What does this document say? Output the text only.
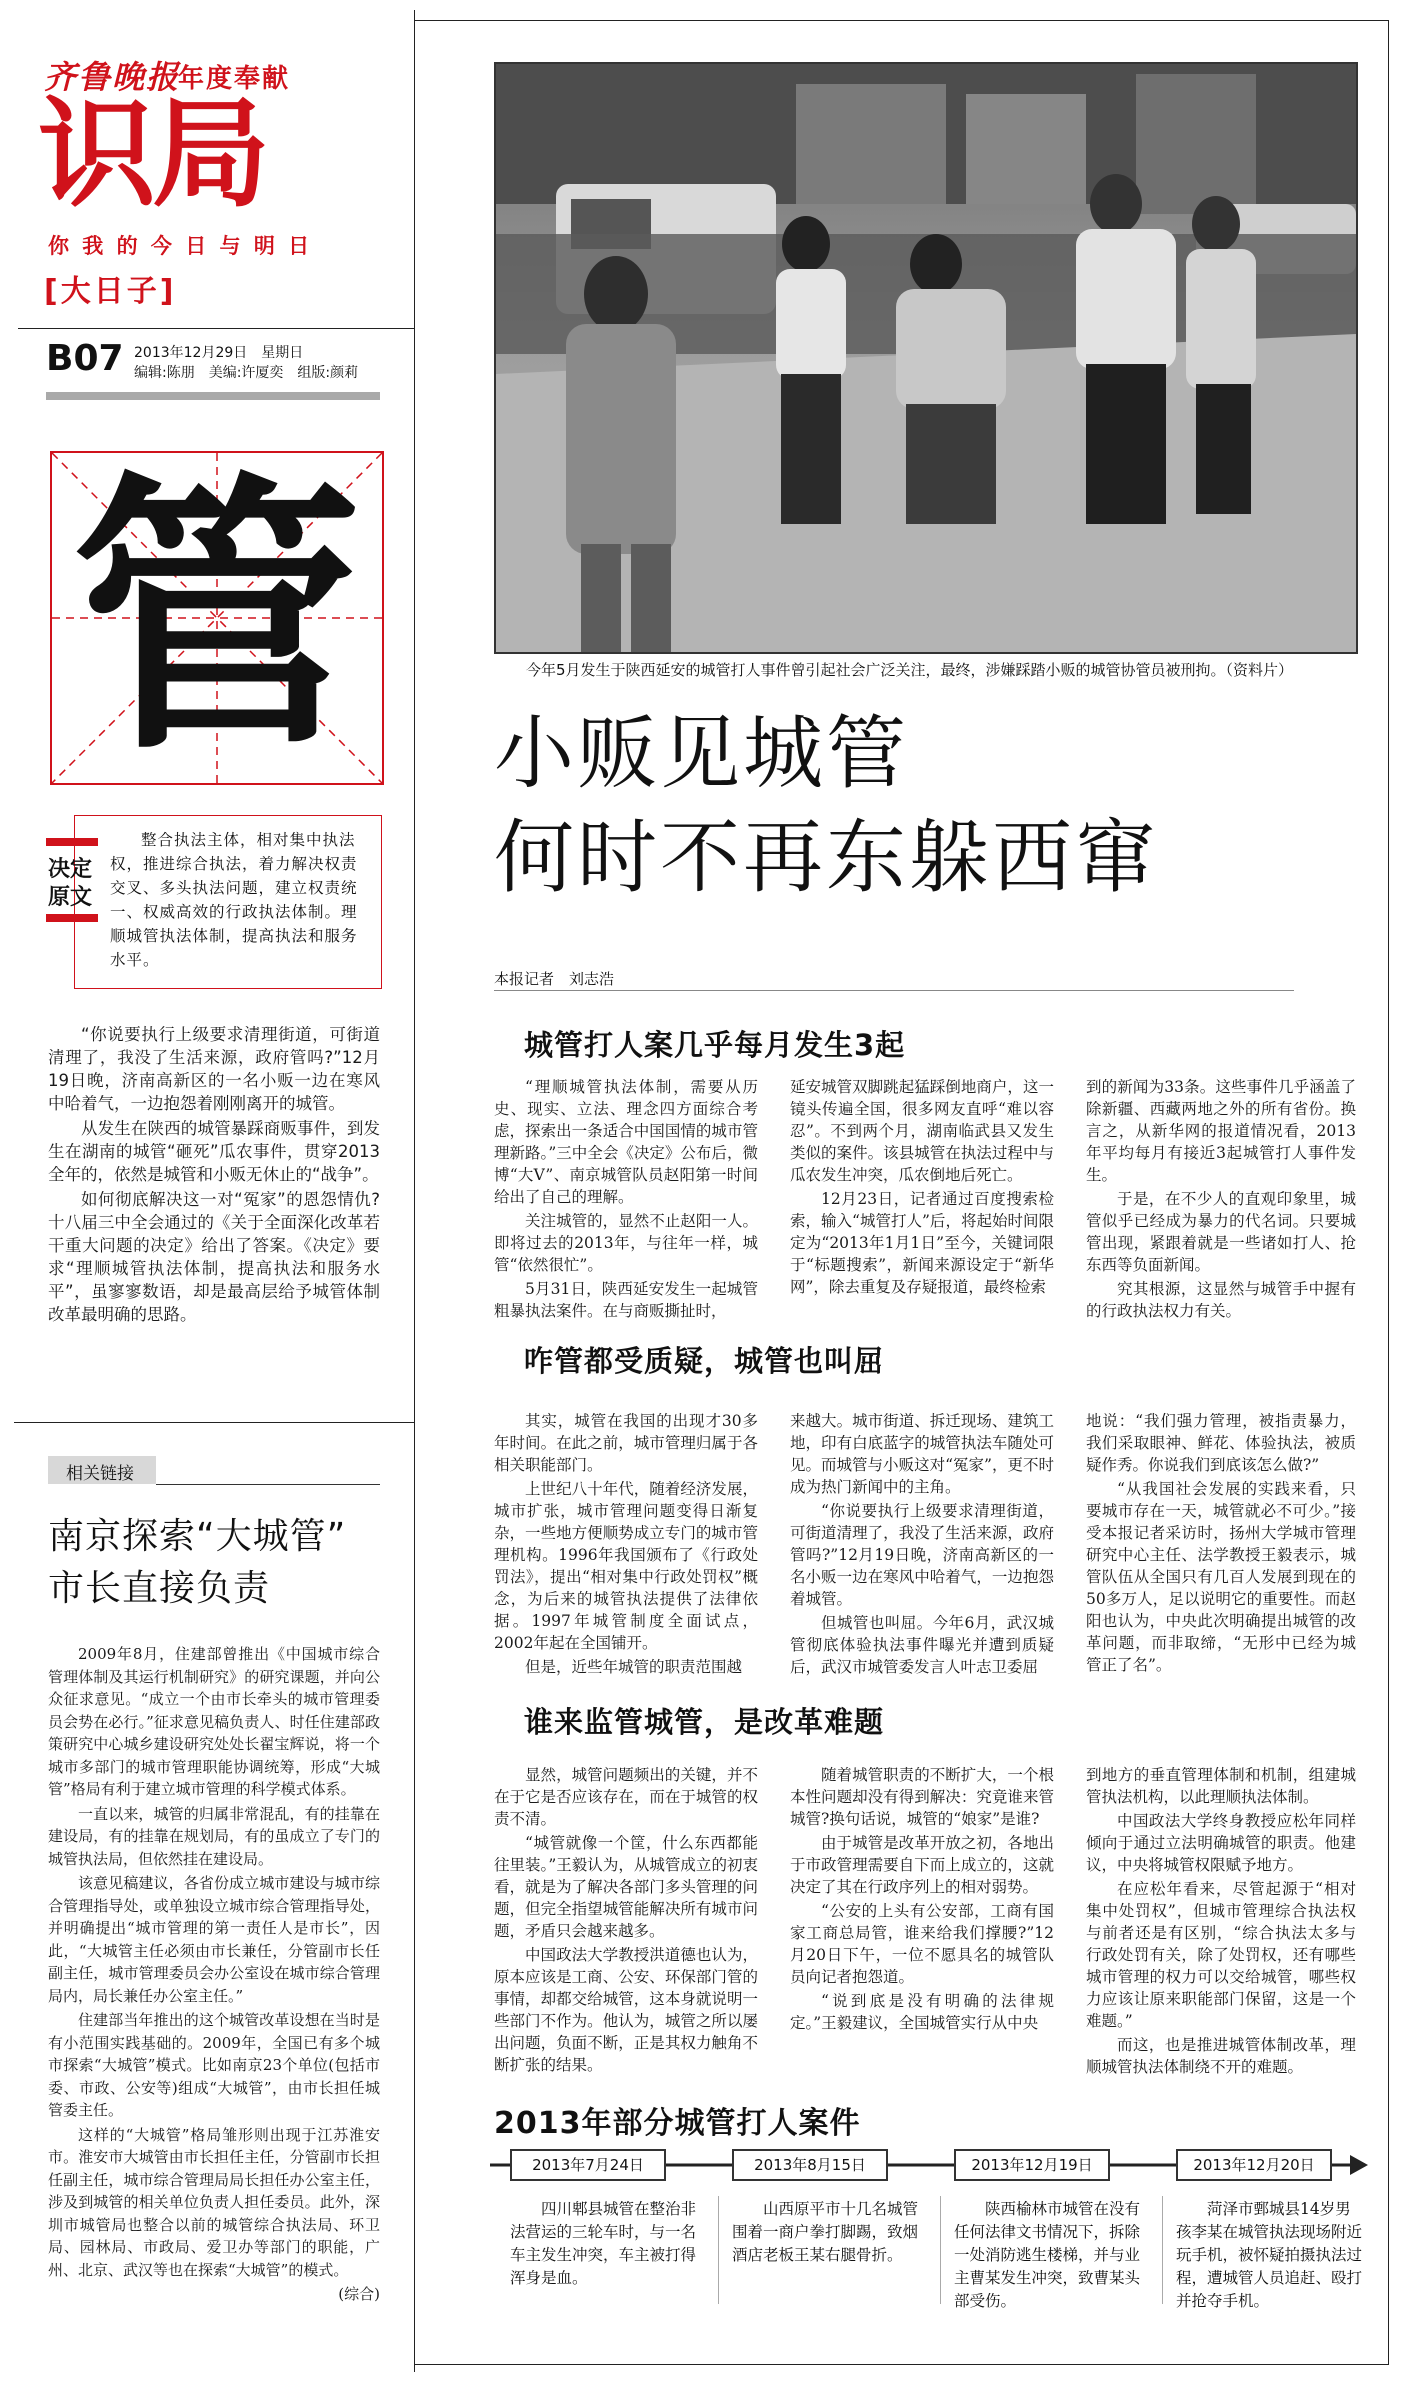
齐鲁晚报
年度奉献
识局
你 我 的 今 日 与 明 日
[大日子]
B07 2013年12月29日　星期日
编辑:陈朋　美编:许厦奕　组版:颜莉
管
决定
原文

整合执法主体，相对集中执法权，推进综合执法，着力解决权责交叉、多头执法问题，建立权责统一、权威高效的行政执法体制。理顺城管执法体制，提高执法和服务水平。

“你说要执行上级要求清理街道，可街道清理了，我没了生活来源，政府管吗?”12月19日晚，济南高新区的一名小贩一边在寒风中哈着气，一边抱怨着刚刚离开的城管。

从发生在陕西的城管暴踩商贩事件，到发生在湖南的城管“砸死”瓜农事件，贯穿2013全年的，依然是城管和小贩无休止的“战争”。

如何彻底解决这一对“冤家”的恩怨情仇?十八届三中全会通过的《关于全面深化改革若干重大问题的决定》给出了答案。《决定》要求“理顺城管执法体制，提高执法和服务水平”，虽寥寥数语，却是最高层给予城管体制改革最明确的思路。

相关链接
南京探索“大城管”
市长直接负责

2009年8月，住建部曾推出《中国城市综合管理体制及其运行机制研究》的研究课题，并向公众征求意见。“成立一个由市长牵头的城市管理委员会势在必行。”征求意见稿负责人、时任住建部政策研究中心城乡建设研究处处长翟宝辉说，将一个城市多部门的城市管理职能协调统筹，形成“大城管”格局有利于建立城市管理的科学模式体系。

一直以来，城管的归属非常混乱，有的挂靠在建设局，有的挂靠在规划局，有的虽成立了专门的城管执法局，但依然挂在建设局。

该意见稿建议，各省份成立城市建设与城市综合管理指导处，或单独设立城市综合管理指导处，并明确提出“城市管理的第一责任人是市长”，因此，“大城管主任必须由市长兼任，分管副市长任副主任，城市管理委员会办公室设在城市综合管理局内，局长兼任办公室主任。”

住建部当年推出的这个城管改革设想在当时是有小范围实践基础的。2009年，全国已有多个城市探索“大城管”模式。比如南京23个单位(包括市委、市政、公安等)组成“大城管”，由市长担任城管委主任。

这样的“大城管”格局雏形则出现于江苏淮安市。淮安市大城管由市长担任主任，分管副市长担任副主任，城市综合管理局局长担任办公室主任，涉及到城管的相关单位负责人担任委员。此外，深圳市城管局也整合以前的城管综合执法局、环卫局、园林局、市政局、爱卫办等部门的职能，广州、北京、武汉等也在探索“大城管”的模式。

(综合)
今年5月发生于陕西延安的城管打人事件曾引起社会广泛关注，最终，涉嫌踩踏小贩的城管协管员被刑拘。（资料片）
小贩见城管
何时不再东躲西窜
本报记者　刘志浩
城管打人案几乎每月发生3起

“理顺城管执法体制，需要从历史、现实、立法、理念四方面综合考虑，探索出一条适合中国国情的城市管理新路。”三中全会《决定》公布后，微博“大V”、南京城管队员赵阳第一时间给出了自己的理解。

关注城管的，显然不止赵阳一人。即将过去的2013年，与往年一样，城管“依然很忙”。

5月31日，陕西延安发生一起城管粗暴执法案件。在与商贩撕扯时，

延安城管双脚跳起猛踩倒地商户，这一镜头传遍全国，很多网友直呼“难以容忍”。不到两个月，湖南临武县又发生类似的案件。该县城管在执法过程中与瓜农发生冲突，瓜农倒地后死亡。

12月23日，记者通过百度搜索检索，输入“城管打人”后，将起始时间限定为“2013年1月1日”至今，关键词限于“标题搜索”，新闻来源设定于“新华网”，除去重复及存疑报道，最终检索

到的新闻为33条。这些事件几乎涵盖了除新疆、西藏两地之外的所有省份。换言之，从新华网的报道情况看，2013年平均每月有接近3起城管打人事件发生。

于是，在不少人的直观印象里，城管似乎已经成为暴力的代名词。只要城管出现，紧跟着就是一些诸如打人、抢东西等负面新闻。

究其根源，这显然与城管手中握有的行政执法权力有关。

咋管都受质疑，城管也叫屈

其实，城管在我国的出现才30多年时间。在此之前，城市管理归属于各相关职能部门。

上世纪八十年代，随着经济发展，城市扩张，城市管理问题变得日渐复杂，一些地方便顺势成立专门的城市管理机构。1996年我国颁布了《行政处罚法》，提出“相对集中行政处罚权”概念，为后来的城管执法提供了法律依据。1997年城管制度全面试点，2002年起在全国铺开。

但是，近些年城管的职责范围越

来越大。城市街道、拆迁现场、建筑工地，印有白底蓝字的城管执法车随处可见。而城管与小贩这对“冤家”，更不时成为热门新闻中的主角。

“你说要执行上级要求清理街道，可街道清理了，我没了生活来源，政府管吗?”12月19日晚，济南高新区的一名小贩一边在寒风中哈着气，一边抱怨着城管。

但城管也叫屈。今年6月，武汉城管彻底体验执法事件曝光并遭到质疑后，武汉市城管委发言人叶志卫委屈

地说：“我们强力管理，被指责暴力，我们采取眼神、鲜花、体验执法，被质疑作秀。你说我们到底该怎么做?”

“从我国社会发展的实践来看，只要城市存在一天，城管就必不可少。”接受本报记者采访时，扬州大学城市管理研究中心主任、法学教授王毅表示，城管队伍从全国只有几百人发展到现在的50多万人，足以说明它的重要性。而赵阳也认为，中央此次明确提出城管的改革问题，而非取缔，“无形中已经为城管正了名”。

谁来监管城管，是改革难题

显然，城管问题频出的关键，并不在于它是否应该存在，而在于城管的权责不清。

“城管就像一个筐，什么东西都能往里装。”王毅认为，从城管成立的初衷看，就是为了解决各部门多头管理的问题，但完全指望城管能解决所有城市问题，矛盾只会越来越多。

中国政法大学教授洪道德也认为，原本应该是工商、公安、环保部门管的事情，却都交给城管，这本身就说明一些部门不作为。他认为，城管之所以屡出问题，负面不断，正是其权力触角不断扩张的结果。

随着城管职责的不断扩大，一个根本性问题却没有得到解决：究竟谁来管城管?换句话说，城管的“娘家”是谁?

由于城管是改革开放之初，各地出于市政管理需要自下而上成立的，这就决定了其在行政序列上的相对弱势。

“公安的上头有公安部，工商有国家工商总局管，谁来给我们撑腰?”12月20日下午，一位不愿具名的城管队员向记者抱怨道。

“说到底是没有明确的法律规定。”王毅建议，全国城管实行从中央

到地方的垂直管理体制和机制，组建城管执法机构，以此理顺执法体制。

中国政法大学终身教授应松年同样倾向于通过立法明确城管的职责。他建议，中央将城管权限赋予地方。

在应松年看来，尽管起源于“相对集中处罚权”，但城市管理综合执法权与前者还是有区别，“综合执法太多与行政处罚有关，除了处罚权，还有哪些城市管理的权力可以交给城管，哪些权力应该让原来职能部门保留，这是一个难题。”

而这，也是推进城管体制改革，理顺城管执法体制绕不开的难题。

2013年部分城管打人案件
2013年7月24日	2013年8月15日	2013年12月19日	2013年12月20日

四川郫县城管在整治非法营运的三轮车时，与一名车主发生冲突，车主被打得浑身是血。

山西原平市十几名城管围着一商户拳打脚踢，致烟酒店老板王某右腿骨折。

陕西榆林市城管在没有任何法律文书情况下，拆除一处消防逃生楼梯，并与业主曹某发生冲突，致曹某头部受伤。

菏泽市鄄城县14岁男孩李某在城管执法现场附近玩手机，被怀疑拍摄执法过程，遭城管人员追赶、殴打并抢夺手机。
